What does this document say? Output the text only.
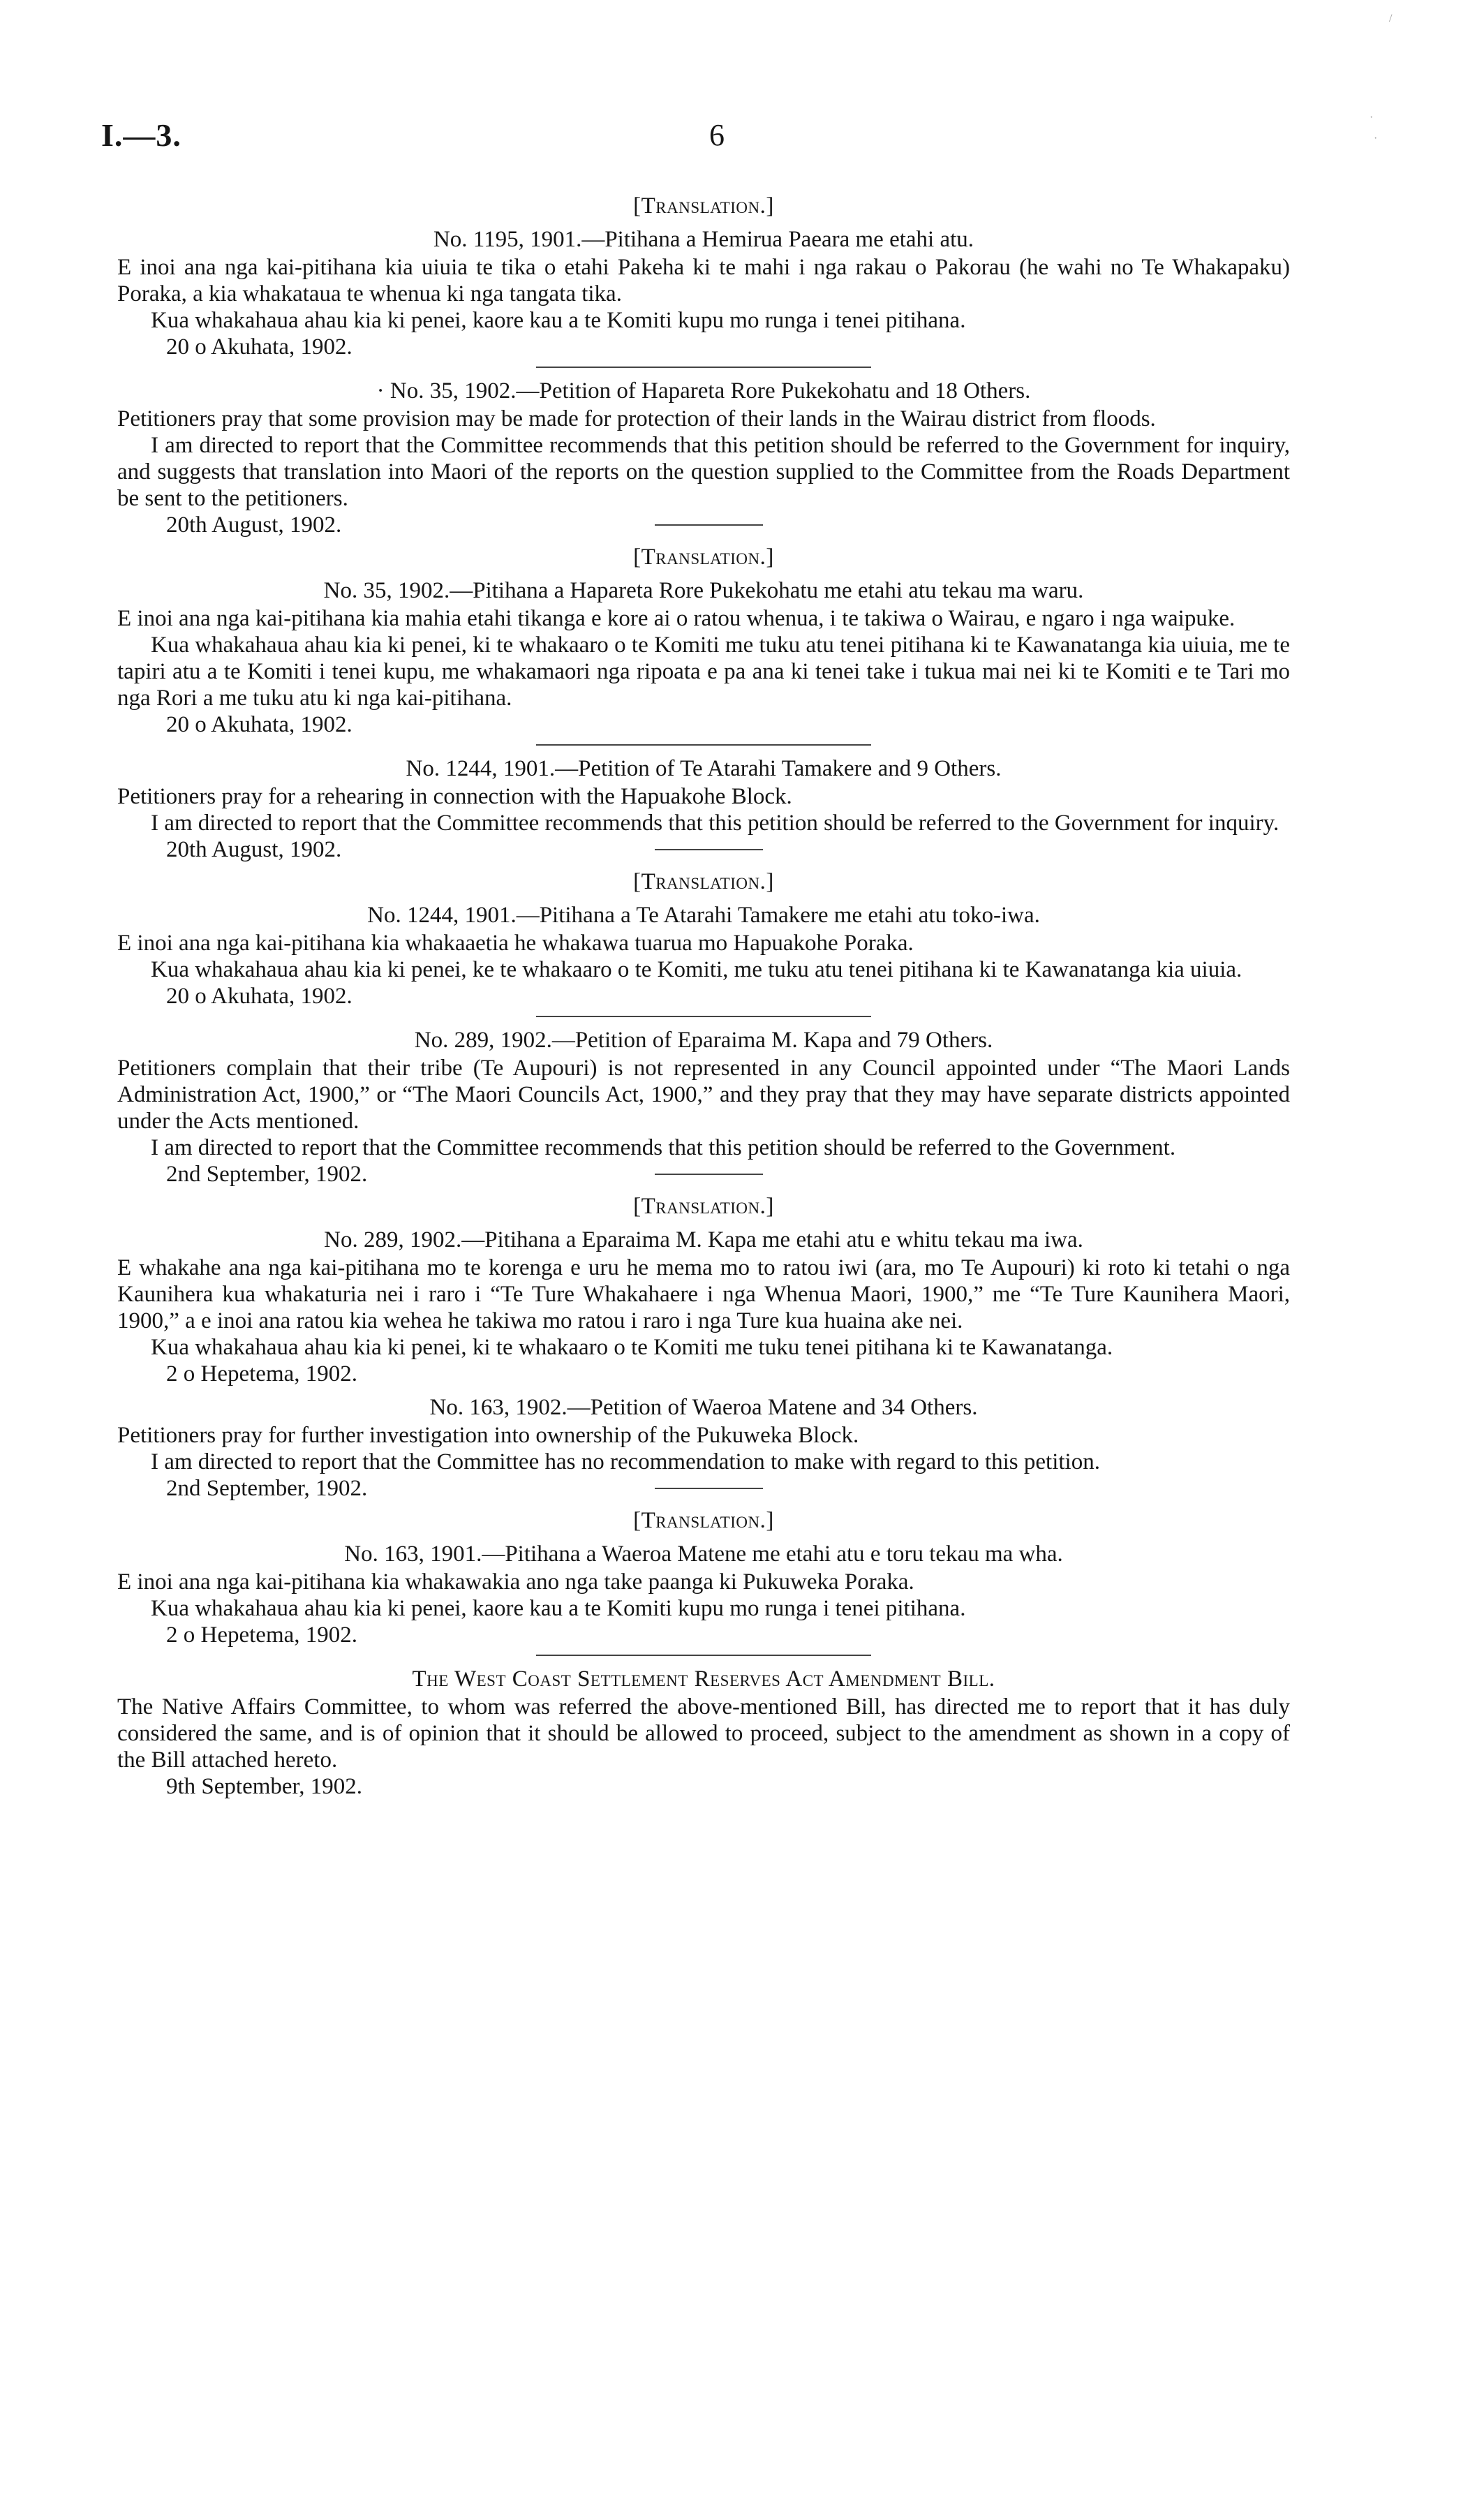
I.—3.	6
/
·
·
[Translation.]
No. 1195, 1901.—Pitihana a Hemirua Paeara me etahi atu.
E inoi ana nga kai-pitihana kia uiuia te tika o etahi Pakeha ki te mahi i nga rakau o Pakorau (he wahi no Te Whakapaku) Poraka, a kia whakataua te whenua ki nga tangata tika.
Kua whakahaua ahau kia ki penei, kaore kau a te Komiti kupu mo runga i tenei pitihana.
20 o Akuhata, 1902.
· No. 35, 1902.—Petition of Hapareta Rore Pukekohatu and 18 Others.
Petitioners pray that some provision may be made for protection of their lands in the Wairau district from floods.
I am directed to report that the Committee recommends that this petition should be referred to the Government for inquiry, and suggests that translation into Maori of the reports on the question supplied to the Committee from the Roads Department be sent to the petitioners.
20th August, 1902.
[Translation.]
No. 35, 1902.—Pitihana a Hapareta Rore Pukekohatu me etahi atu tekau ma waru.
E inoi ana nga kai-pitihana kia mahia etahi tikanga e kore ai o ratou whenua, i te takiwa o Wairau, e ngaro i nga waipuke.
Kua whakahaua ahau kia ki penei, ki te whakaaro o te Komiti me tuku atu tenei pitihana ki te Kawanatanga kia uiuia, me te tapiri atu a te Komiti i tenei kupu, me whakamaori nga ripoata e pa ana ki tenei take i tukua mai nei ki te Komiti e te Tari mo nga Rori a me tuku atu ki nga kai-pitihana.
20 o Akuhata, 1902.
No. 1244, 1901.—Petition of Te Atarahi Tamakere and 9 Others.
Petitioners pray for a rehearing in connection with the Hapuakohe Block.
I am directed to report that the Committee recommends that this petition should be referred to the Government for inquiry.
20th August, 1902.
[Translation.]
No. 1244, 1901.—Pitihana a Te Atarahi Tamakere me etahi atu toko-iwa.
E inoi ana nga kai-pitihana kia whakaaetia he whakawa tuarua mo Hapuakohe Poraka.
Kua whakahaua ahau kia ki penei, ke te whakaaro o te Komiti, me tuku atu tenei pitihana ki te Kawanatanga kia uiuia.
20 o Akuhata, 1902.
No. 289, 1902.—Petition of Eparaima M. Kapa and 79 Others.
Petitioners complain that their tribe (Te Aupouri) is not represented in any Council appointed under “The Maori Lands Administration Act, 1900,” or “The Maori Councils Act, 1900,” and they pray that they may have separate districts appointed under the Acts mentioned.
I am directed to report that the Committee recommends that this petition should be referred to the Government.
2nd September, 1902.
[Translation.]
No. 289, 1902.—Pitihana a Eparaima M. Kapa me etahi atu e whitu tekau ma iwa.
E whakahe ana nga kai-pitihana mo te korenga e uru he mema mo to ratou iwi (ara, mo Te Aupouri) ki roto ki tetahi o nga Kaunihera kua whakaturia nei i raro i “Te Ture Whakahaere i nga Whenua Maori, 1900,” me “Te Ture Kaunihera Maori, 1900,” a e inoi ana ratou kia wehea he takiwa mo ratou i raro i nga Ture kua huaina ake nei.
Kua whakahaua ahau kia ki penei, ki te whakaaro o te Komiti me tuku tenei pitihana ki te Kawanatanga.
2 o Hepetema, 1902.
No. 163, 1902.—Petition of Waeroa Matene and 34 Others.
Petitioners pray for further investigation into ownership of the Pukuweka Block.
I am directed to report that the Committee has no recommendation to make with regard to this petition.
2nd September, 1902.
[Translation.]
No. 163, 1901.—Pitihana a Waeroa Matene me etahi atu e toru tekau ma wha.
E inoi ana nga kai-pitihana kia whakawakia ano nga take paanga ki Pukuweka Poraka.
Kua whakahaua ahau kia ki penei, kaore kau a te Komiti kupu mo runga i tenei pitihana.
2 o Hepetema, 1902.
The West Coast Settlement Reserves Act Amendment Bill.
The Native Affairs Committee, to whom was referred the above-mentioned Bill, has directed me to report that it has duly considered the same, and is of opinion that it should be allowed to proceed, subject to the amendment as shown in a copy of the Bill attached hereto.
9th September, 1902.
